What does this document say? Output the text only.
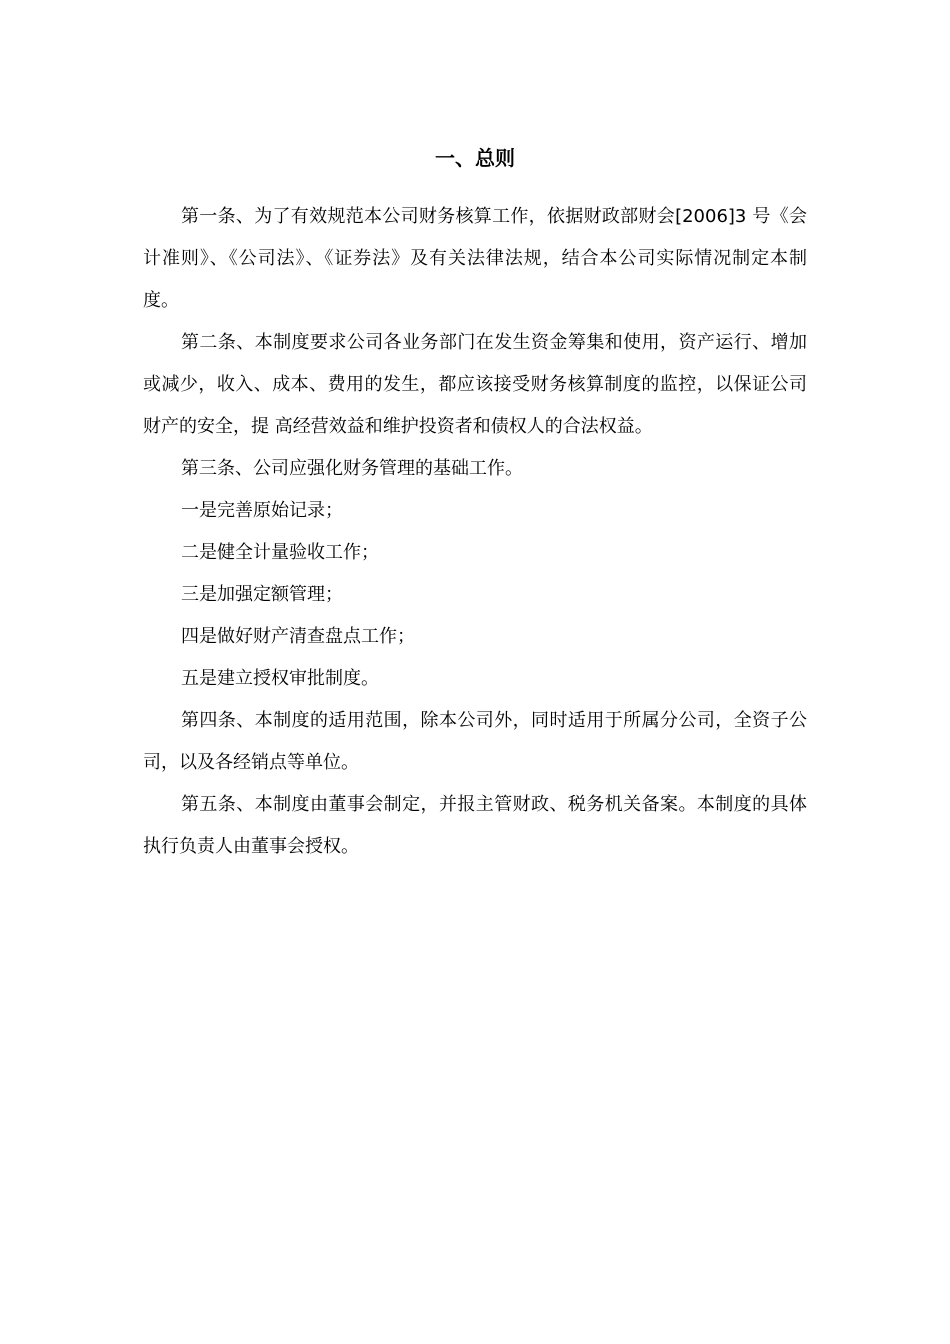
一、总则

第一条、为了有效规范本公司财务核算工作，依据财政部财会[2006]3 号《会计准则》、《公司法》、《证券法》及有关法律法规，结合本公司实际情况制定本制度。

第二条、本制度要求公司各业务部门在发生资金筹集和使用，资产运行、增加或减少，收入、成本、费用的发生，都应该接受财务核算制度的监控，以保证公司财产的安全，提 高经营效益和维护投资者和债权人的合法权益。

第三条、公司应强化财务管理的基础工作。

一是完善原始记录；

二是健全计量验收工作；

三是加强定额管理；

四是做好财产清查盘点工作；

五是建立授权审批制度。

第四条、本制度的适用范围，除本公司外，同时适用于所属分公司，全资子公司，以及各经销点等单位。

第五条、本制度由董事会制定，并报主管财政、税务机关备案。本制度的具体执行负责人由董事会授权。
